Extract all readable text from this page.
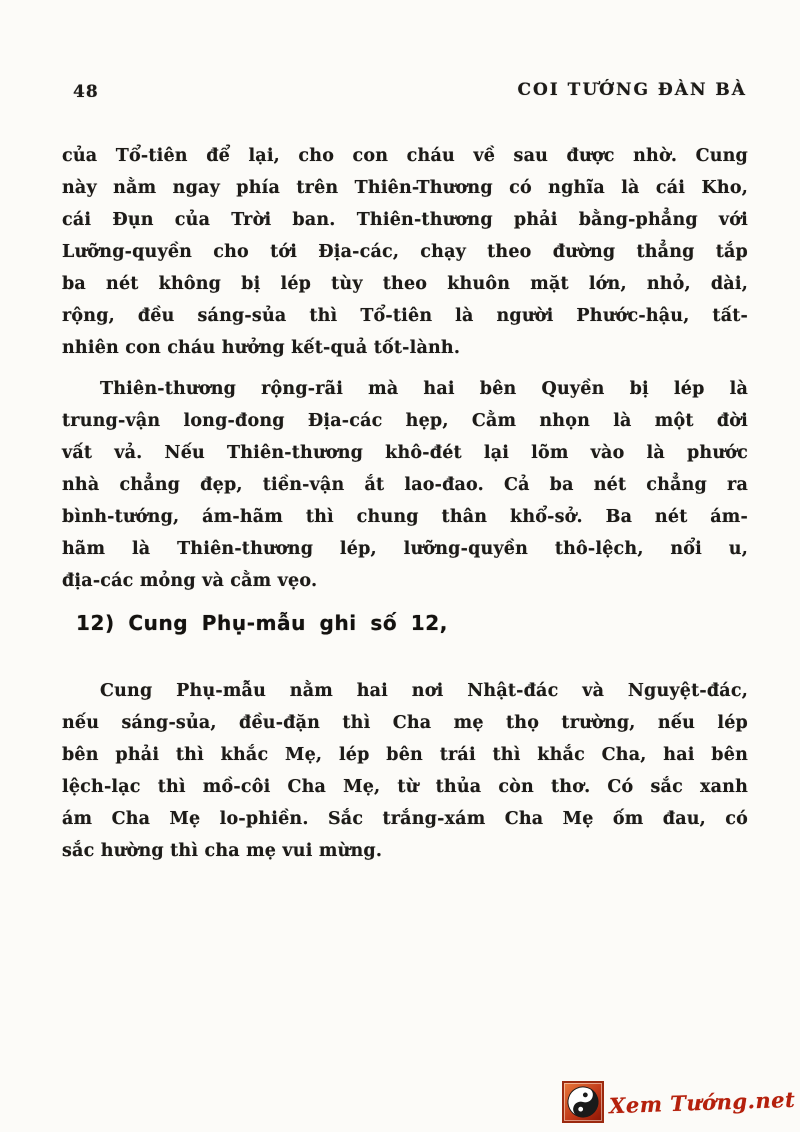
48	COI TƯỚNG ĐÀN BÀ
của Tổ-tiên để lại, cho con cháu về sau được nhờ. Cung
này nằm ngay phía trên Thiên-Thương có nghĩa là cái Kho,
cái Đụn của Trời ban. Thiên-thương phải bằng-phẳng với
Lưỡng-quyền cho tới Địa-các, chạy theo đường thẳng tắp
ba nét không bị lép tùy theo khuôn mặt lớn, nhỏ, dài,
rộng, đều sáng-sủa thì Tổ-tiên là người Phước-hậu, tất-
nhiên con cháu hưởng kết-quả tốt-lành.
Thiên-thương rộng-rãi mà hai bên Quyền bị lép là
trung-vận long-đong Địa-các hẹp, Cằm nhọn là một đời
vất vả. Nếu Thiên-thương khô-đét lại lõm vào là phước
nhà chẳng đẹp, tiền-vận ắt lao-đao. Cả ba nét chẳng ra
bình-tướng, ám-hãm thì chung thân khổ-sở. Ba nét ám-
hãm là Thiên-thương lép, lưỡng-quyền thô-lệch, nổi u,
địa-các mỏng và cằm vẹo.
12) Cung Phụ-mẫu ghi số 12,
Cung Phụ-mẫu nằm hai nơi Nhật-đác và Nguyệt-đác,
nếu sáng-sủa, đều-đặn thì Cha mẹ thọ trường, nếu lép
bên phải thì khắc Mẹ, lép bên trái thì khắc Cha, hai bên
lệch-lạc thì mồ-côi Cha Mẹ, từ thủa còn thơ. Có sắc xanh
ám Cha Mẹ lo-phiền. Sắc trắng-xám Cha Mẹ ốm đau, có
sắc hường thì cha mẹ vui mừng.
Xem Tướng.net
